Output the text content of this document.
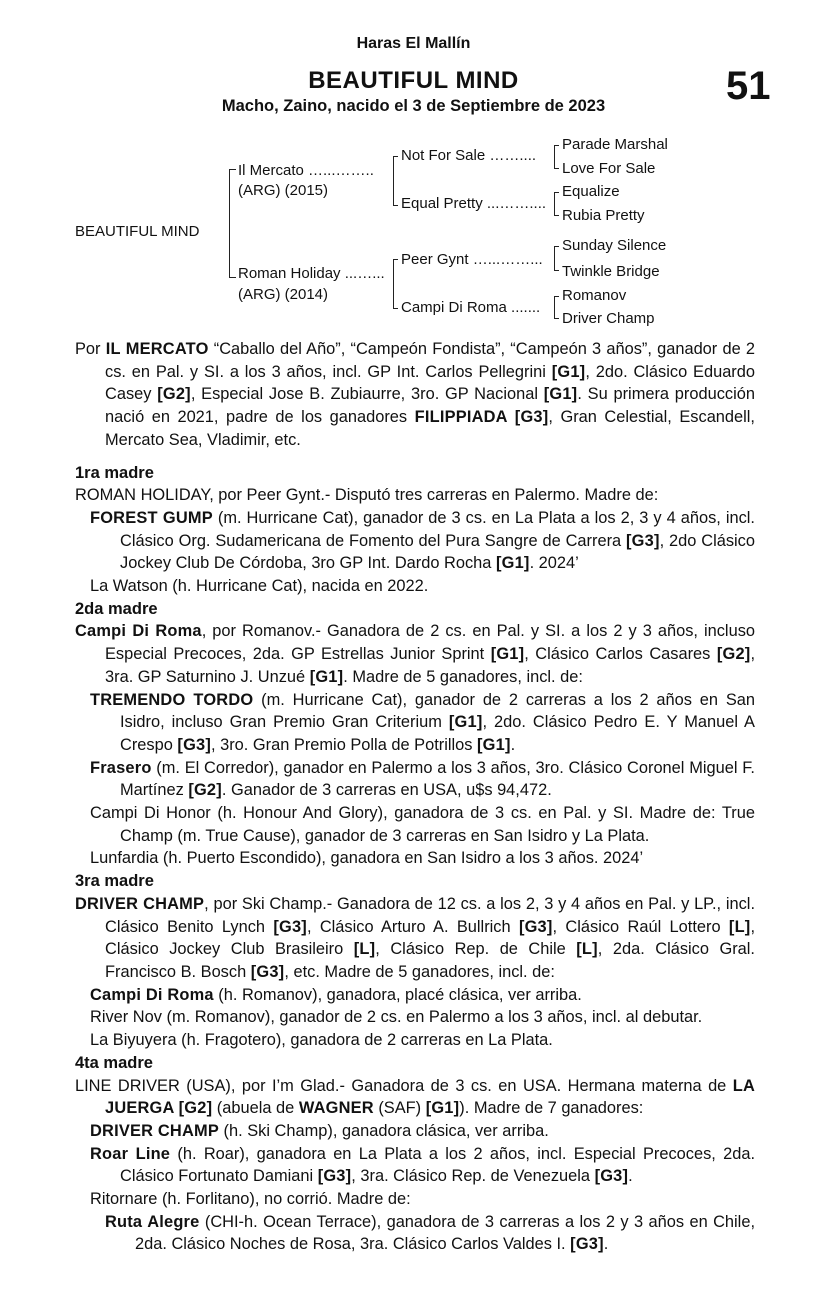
Haras El Mallín
BEAUTIFUL MIND
Macho, Zaino, nacido el 3 de Septiembre de 2023	51
BEAUTIFUL MIND
Il Mercato …...……..
(ARG) (2015)
Roman Holiday ...…...
(ARG) (2014)
Not For Sale ……....
Equal Pretty ...……....
Peer Gynt …...……...
Campi Di Roma .......
Parade Marshal
Love For Sale
Equalize
Rubia Pretty
Sunday Silence
Twinkle Bridge
Romanov
Driver Champ

Por IL MERCATO “Caballo del Año”, “Campeón Fondista”, “Campeón 3 años”, ganador de 2 cs. en Pal. y SI. a los 3 años, incl. GP Int. Carlos Pellegrini [G1], 2do. Clásico Eduardo Casey [G2], Especial Jose B. Zubiaurre, 3ro. GP Nacional [G1]. Su primera producción nació en 2021, padre de los ganadores FILIPPIADA [G3], Gran Celestial, Escandell, Mercato Sea, Vladimir, etc.

1ra madre

ROMAN HOLIDAY, por Peer Gynt.- Disputó tres carreras en Palermo. Madre de:

FOREST GUMP (m. Hurricane Cat), ganador de 3 cs. en La Plata a los 2, 3 y 4 años, incl. Clásico Org. Sudamericana de Fomento del Pura Sangre de Carrera [G3], 2do Clásico Jockey Club De Córdoba, 3ro GP Int. Dardo Rocha [G1]. 2024’

La Watson (h. Hurricane Cat), nacida en 2022.

2da madre

Campi Di Roma, por Romanov.- Ganadora de 2 cs. en Pal. y SI. a los 2 y 3 años, incluso Especial Precoces, 2da. GP Estrellas Junior Sprint [G1], Clásico Carlos Casares [G2], 3ra. GP Saturnino J. Unzué [G1]. Madre de 5 ganadores, incl. de:

TREMENDO TORDO (m. Hurricane Cat), ganador de 2 carreras a los 2 años en San Isidro, incluso Gran Premio Gran Criterium [G1], 2do. Clásico Pedro E. Y Manuel A Crespo [G3], 3ro. Gran Premio Polla de Potrillos [G1].

Frasero (m. El Corredor), ganador en Palermo a los 3 años, 3ro. Clásico Coronel Miguel F. Martínez [G2]. Ganador de 3 carreras en USA, u$s 94,472.

Campi Di Honor (h. Honour And Glory), ganadora de 3 cs. en Pal. y SI. Madre de: True Champ (m. True Cause), ganador de 3 carreras en San Isidro y La Plata.

Lunfardia (h. Puerto Escondido), ganadora en San Isidro a los 3 años. 2024’

3ra madre

DRIVER CHAMP, por Ski Champ.- Ganadora de 12 cs. a los 2, 3 y 4 años en Pal. y LP., incl. Clásico Benito Lynch [G3], Clásico Arturo A. Bullrich [G3], Clásico Raúl Lottero [L], Clásico Jockey Club Brasileiro [L], Clásico Rep. de Chile [L], 2da. Clásico Gral. Francisco B. Bosch [G3], etc. Madre de 5 ganadores, incl. de:

Campi Di Roma (h. Romanov), ganadora, placé clásica, ver arriba.

River Nov (m. Romanov), ganador de 2 cs. en Palermo a los 3 años, incl. al debutar.

La Biyuyera (h. Fragotero), ganadora de 2 carreras en La Plata.

4ta madre

LINE DRIVER (USA), por I’m Glad.- Ganadora de 3 cs. en USA. Hermana materna de LA JUERGA [G2] (abuela de WAGNER (SAF) [G1]). Madre de 7 ganadores:

DRIVER CHAMP (h. Ski Champ), ganadora clásica, ver arriba.

Roar Line (h. Roar), ganadora en La Plata a los 2 años, incl. Especial Precoces, 2da. Clásico Fortunato Damiani [G3], 3ra. Clásico Rep. de Venezuela [G3].

Ritornare (h. Forlitano), no corrió. Madre de:

Ruta Alegre (CHI-h. Ocean Terrace), ganadora de 3 carreras a los 2 y 3 años en Chile, 2da. Clásico Noches de Rosa, 3ra. Clásico Carlos Valdes I. [G3].
